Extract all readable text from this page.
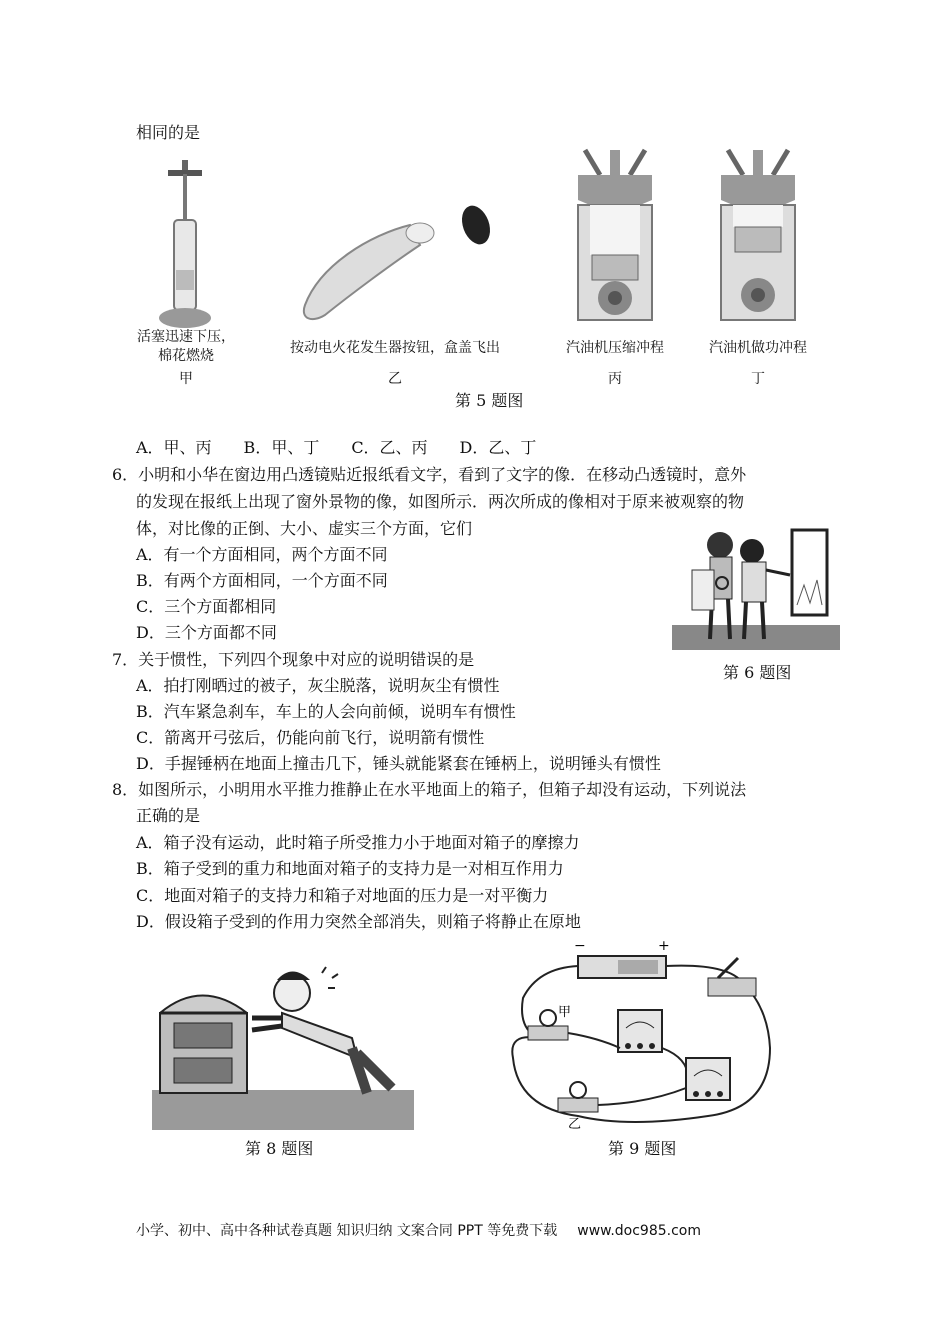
相同的是
活塞迅速下压，
棉花燃烧
甲
按动电火花发生器按钮，盒盖飞出
乙
汽油机压缩冲程
丙
汽油机做功冲程
丁
第 5 题图
A．甲、丙　　B．甲、丁　　C．乙、丙　　D．乙、丁
6．小明和小华在窗边用凸透镜贴近报纸看文字，看到了文字的像．在移动凸透镜时，意外
的发现在报纸上出现了窗外景物的像，如图所示．两次所成的像相对于原来被观察的物
体，对比像的正倒、大小、虚实三个方面，它们
A．有一个方面相同，两个方面不同
B．有两个方面相同，一个方面不同
C．三个方面都相同
D．三个方面都不同
第 6 题图
7．关于惯性，下列四个现象中对应的说明错误的是
A．拍打刚晒过的被子，灰尘脱落，说明灰尘有惯性
B．汽车紧急刹车，车上的人会向前倾，说明车有惯性
C．箭离开弓弦后，仍能向前飞行，说明箭有惯性
D．手握锤柄在地面上撞击几下，锤头就能紧套在锤柄上，说明锤头有惯性
8．如图所示，小明用水平推力推静止在水平地面上的箱子，但箱子却没有运动，下列说法
正确的是
A．箱子没有运动，此时箱子所受推力小于地面对箱子的摩擦力
B．箱子受到的重力和地面对箱子的支持力是一对相互作用力
C．地面对箱子的支持力和箱子对地面的压力是一对平衡力
D．假设箱子受到的作用力突然全部消失，则箱子将静止在原地
第 8 题图
−	+
甲
乙
第 9 题图
小学、初中、高中各种试卷真题 知识归纳 文案合同 PPT 等免费下载 www.doc985.com
